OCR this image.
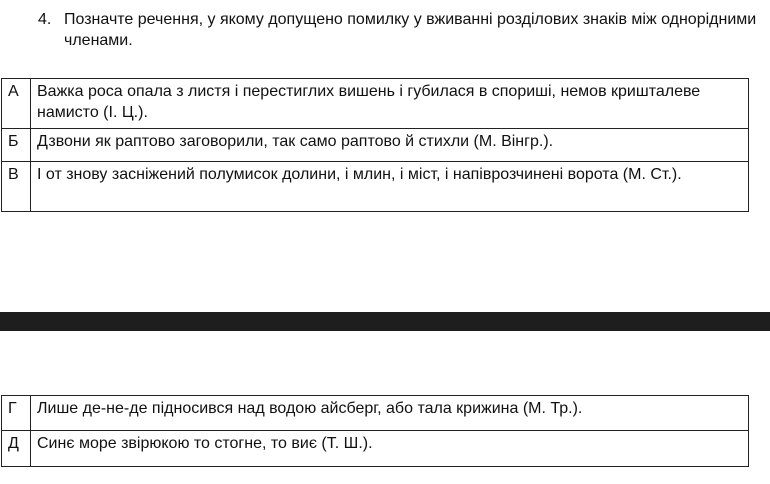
4. Позначте речення, у якому допущено помилку у вживанні розділових знаків між однорідними членами.
А	Важка роса опала з листя і перестиглих вишень і губилася в спориші, немов кришталеве намисто (І. Ц.).
Б	Дзвони як раптово заговорили, так само раптово й стихли (М. Вінгр.).
В	І от знову засніжений полумисок долини, і млин, і міст, і напіврозчинені ворота (М. Ст.).
Г	Лише де-не-де підносився над водою айсберг, або тала крижина (М. Тр.).
Д	Синє море звірюкою то стогне, то виє (Т. Ш.).
